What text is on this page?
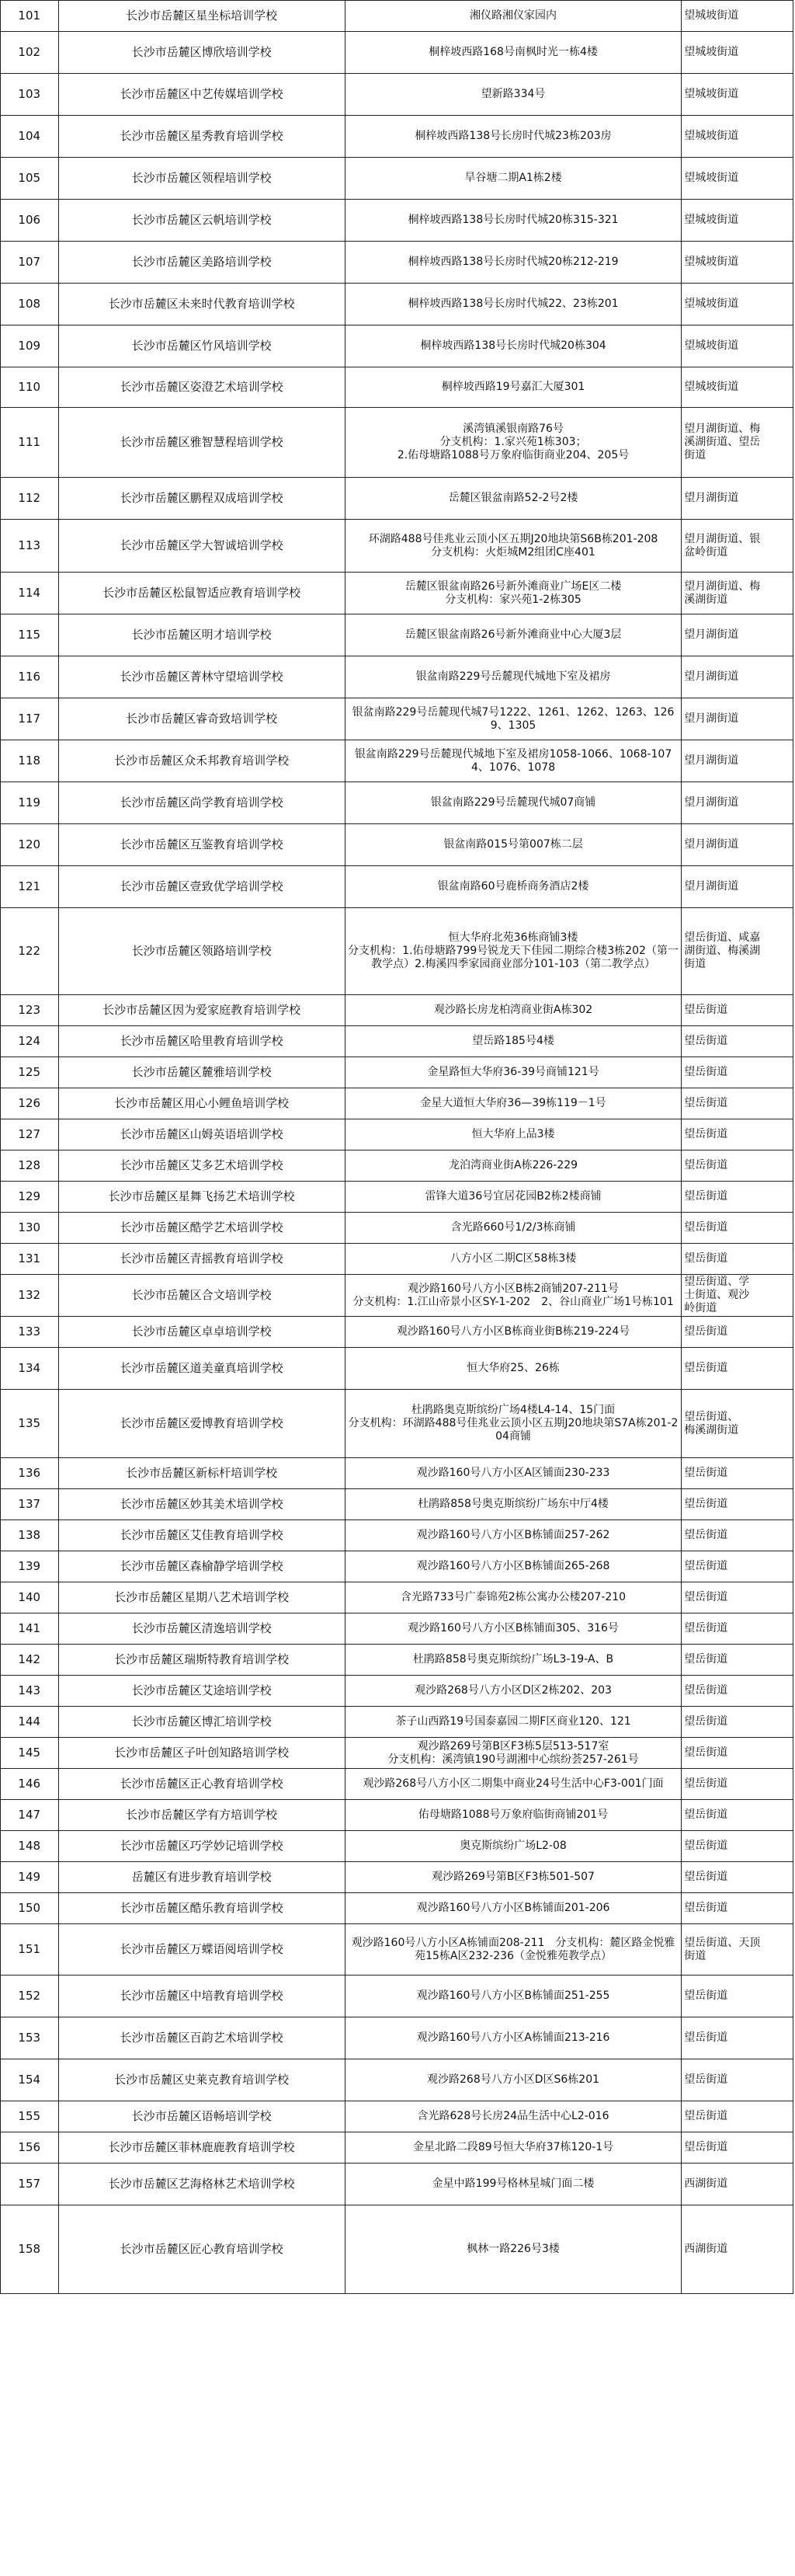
101	长沙市岳麓区星坐标培训学校	湘仪路湘仪家园内	望城坡街道
102	长沙市岳麓区博欣培训学校	桐梓坡西路168号南枫时光一栋4楼	望城坡街道
103	长沙市岳麓区中艺传媒培训学校	望新路334号	望城坡街道
104	长沙市岳麓区星秀教育培训学校	桐梓坡西路138号长房时代城23栋203房	望城坡街道
105	长沙市岳麓区领程培训学校	旱谷塘二期A1栋2楼	望城坡街道
106	长沙市岳麓区云帆培训学校	桐梓坡西路138号长房时代城20栋315-321	望城坡街道
107	长沙市岳麓区美路培训学校	桐梓坡西路138号长房时代城20栋212-219	望城坡街道
108	长沙市岳麓区未来时代教育培训学校	桐梓坡西路138号长房时代城22、23栋201	望城坡街道
109	长沙市岳麓区竹风培训学校	桐梓坡西路138号长房时代城20栋304	望城坡街道
110	长沙市岳麓区姿澄艺术培训学校	桐梓坡西路19号嘉汇大厦301	望城坡街道
111	长沙市岳麓区雅智慧程培训学校	溪湾镇溪银南路76号
分支机构：1.家兴苑1栋303；
2.佑母塘路1088号万象府临街商业204、205号	望月湖街道、梅
溪湖街道、望岳
街道
112	长沙市岳麓区鹏程双成培训学校	岳麓区银盆南路52-2号2楼	望月湖街道
113	长沙市岳麓区学大智诚培训学校	环湖路488号佳兆业云顶小区五期J20地块第S6B栋201-208
分支机构：火炬城M2组团C座401	望月湖街道、银
盆岭街道
114	长沙市岳麓区松鼠智适应教育培训学校	岳麓区银盆南路26号新外滩商业广场E区二楼
分支机构：家兴苑1-2栋305	望月湖街道、梅
溪湖街道
115	长沙市岳麓区明才培训学校	岳麓区银盆南路26号新外滩商业中心大厦3层	望月湖街道
116	长沙市岳麓区菁林守望培训学校	银盆南路229号岳麓现代城地下室及裙房	望月湖街道
117	长沙市岳麓区睿奇致培训学校	银盆南路229号岳麓现代城7号1222、1261、1262、1263、1269、1305	望月湖街道
118	长沙市岳麓区众禾邦教育培训学校	银盆南路229号岳麓现代城地下室及裙房1058-1066、1068-1074、1076、1078	望月湖街道
119	长沙市岳麓区尚学教育培训学校	银盆南路229号岳麓现代城07商铺	望月湖街道
120	长沙市岳麓区互鉴教育培训学校	银盆南路015号第007栋二层	望月湖街道
121	长沙市岳麓区壹致优学培训学校	银盆南路60号鹿桥商务酒店2楼	望月湖街道
122	长沙市岳麓区领路培训学校	恒大华府北苑36栋商铺3楼
分支机构：1.佑母塘路799号锐龙天下佳园二期综合楼3栋202（第一教学点）2.梅溪四季家园商业部分101-103（第二教学点）	望岳街道、咸嘉
湖街道、梅溪湖
街道
123	长沙市岳麓区因为爱家庭教育培训学校	观沙路长房龙柏湾商业街A栋302	望岳街道
124	长沙市岳麓区哈里教育培训学校	望岳路185号4楼	望岳街道
125	长沙市岳麓区麓雅培训学校	金星路恒大华府36-39号商铺121号	望岳街道
126	长沙市岳麓区用心小鲤鱼培训学校	金星大道恒大华府36—39栋119－1号	望岳街道
127	长沙市岳麓区山姆英语培训学校	恒大华府上品3楼	望岳街道
128	长沙市岳麓区艾多艺术培训学校	龙泊湾商业街A栋226-229	望岳街道
129	长沙市岳麓区星舞飞扬艺术培训学校	雷锋大道36号宜居花园B2栋2楼商铺	望岳街道
130	长沙市岳麓区酷学艺术培训学校	含光路660号1/2/3栋商铺	望岳街道
131	长沙市岳麓区青摇教育培训学校	八方小区二期C区58栋3楼	望岳街道
132	长沙市岳麓区合文培训学校	观沙路160号八方小区B栋2商铺207-211号
分支机构：1.江山帝景小区SY-1-202　2、谷山商业广场1号栋101	望岳街道、学
士街道、观沙
岭街道
133	长沙市岳麓区卓卓培训学校	观沙路160号八方小区B栋商业街B栋219-224号	望岳街道
134	长沙市岳麓区道美童真培训学校	恒大华府25、26栋	望岳街道
135	长沙市岳麓区爱博教育培训学校	杜鹃路奥克斯缤纷广场4楼L4-14、15门面
分支机构：环湖路488号佳兆业云顶小区五期J20地块第S7A栋201-204商铺	望岳街道、
梅溪湖街道
136	长沙市岳麓区新标杆培训学校	观沙路160号八方小区A区铺面230-233	望岳街道
137	长沙市岳麓区妙其美术培训学校	杜鹃路858号奥克斯缤纷广场东中厅4楼	望岳街道
138	长沙市岳麓区艾佳教育培训学校	观沙路160号八方小区B栋铺面257-262	望岳街道
139	长沙市岳麓区森榆静学培训学校	观沙路160号八方小区B栋铺面265-268	望岳街道
140	长沙市岳麓区星期八艺术培训学校	含光路733号广泰锦苑2栋公寓办公楼207-210	望岳街道
141	长沙市岳麓区清逸培训学校	观沙路160号八方小区B栋铺面305、316号	望岳街道
142	长沙市岳麓区瑞斯特教育培训学校	杜鹃路858号奥克斯缤纷广场L3-19-A、B	望岳街道
143	长沙市岳麓区艾途培训学校	观沙路268号八方小区D区2栋202、203	望岳街道
144	长沙市岳麓区博汇培训学校	茶子山西路19号国泰嘉园二期F区商业120、121	望岳街道
145	长沙市岳麓区子叶创知路培训学校	观沙路269号第B区F3栋5层513-517室
分支机构：溪湾镇190号湖湘中心缤纷荟257-261号	望岳街道
146	长沙市岳麓区正心教育培训学校	观沙路268号八方小区二期集中商业24号生活中心F3-001门面	望岳街道
147	长沙市岳麓区学有方培训学校	佑母塘路1088号万象府临街商铺201号	望岳街道
148	长沙市岳麓区巧学妙记培训学校	奥克斯缤纷广场L2-08	望岳街道
149	岳麓区有进步教育培训学校	观沙路269号第B区F3栋501-507	望岳街道
150	长沙市岳麓区酷乐教育培训学校	观沙路160号八方小区B栋铺面201-206	望岳街道
151	长沙市岳麓区万蝶语阅培训学校	观沙路160号八方小区A栋铺面208-211　分支机构：麓区路金悦雅苑15栋A区232-236（金悦雅苑教学点）	望岳街道、天顶
街道
152	长沙市岳麓区中培教育培训学校	观沙路160号八方小区B栋铺面251-255	望岳街道
153	长沙市岳麓区百韵艺术培训学校	观沙路160号八方小区A栋铺面213-216	望岳街道
154	长沙市岳麓区史莱克教育培训学校	观沙路268号八方小区D区S6栋201	望岳街道
155	长沙市岳麓区语畅培训学校	含光路628号长房24品生活中心L2-016	望岳街道
156	长沙市岳麓区菲林鹿鹿教育培训学校	金星北路二段89号恒大华府37栋120-1号	望岳街道
157	长沙市岳麓区艺海格林艺术培训学校	金星中路199号格林星城门面二楼	西湖街道
158	长沙市岳麓区匠心教育培训学校	枫林一路226号3楼	西湖街道
